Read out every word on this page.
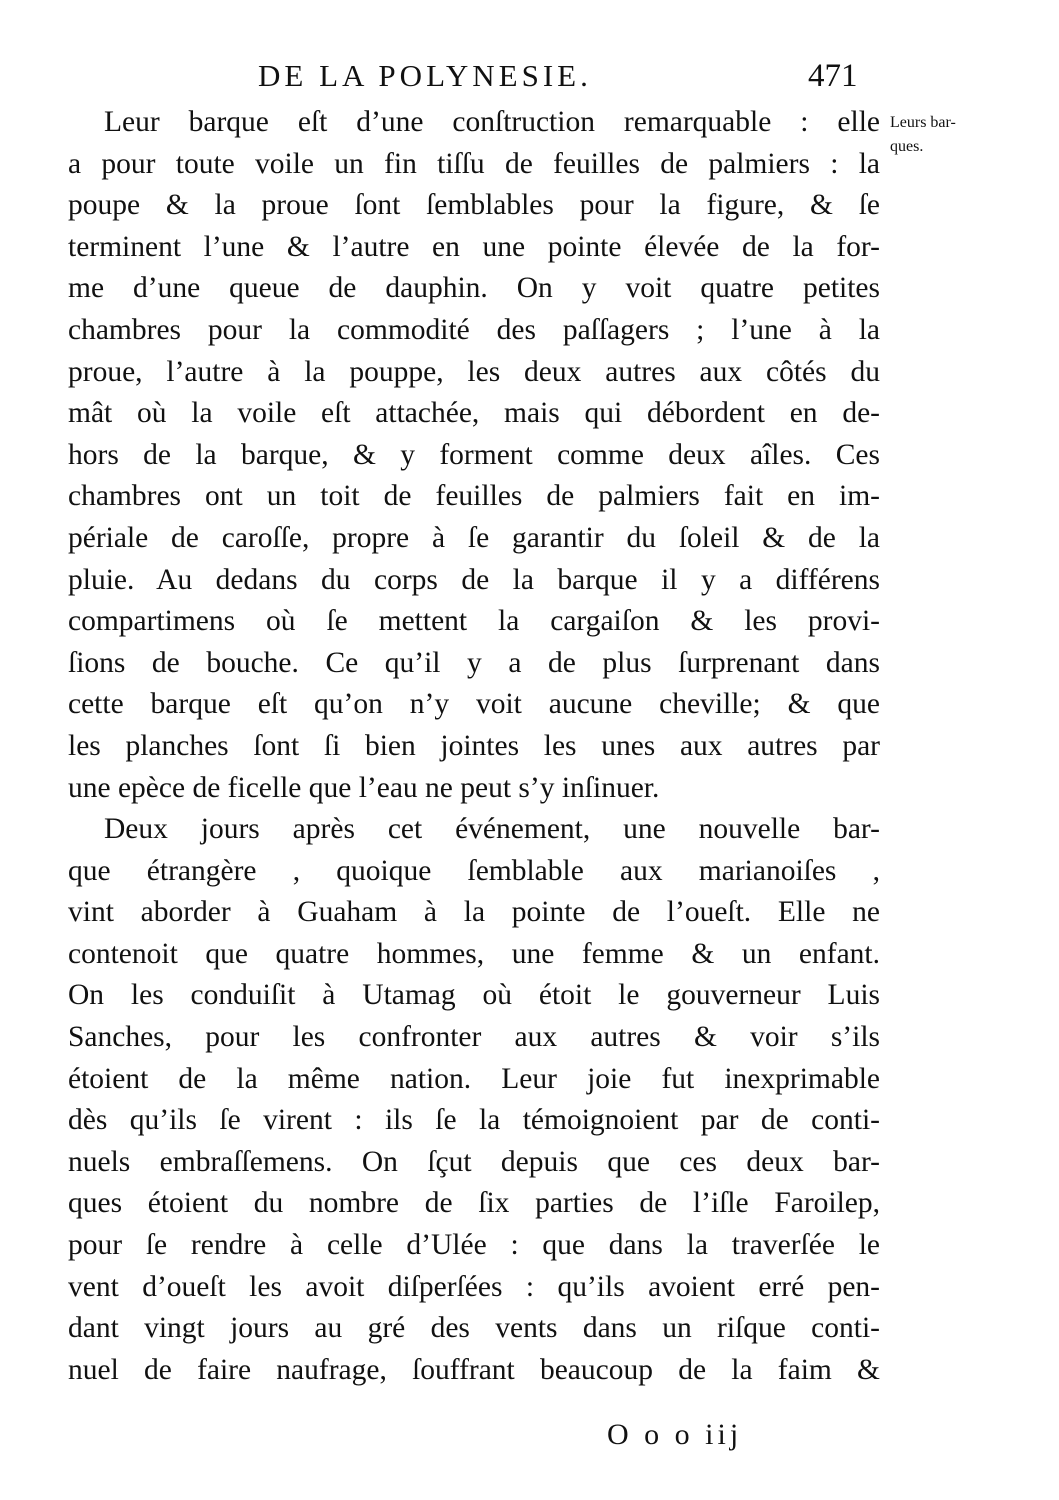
DE LA POLYNESIE.	471
Leurs bar-
ques.
Leur barque eſt d’une conſtruction remarquable : elle
a pour toute voile un fin tiſſu de feuilles de palmiers : la
poupe & la proue ſont ſemblables pour la figure, & ſe
terminent l’une & l’autre en une pointe élevée de la for-
me d’une queue de dauphin. On y voit quatre petites
chambres pour la commodité des paſſagers ; l’une à la
proue, l’autre à la pouppe, les deux autres aux côtés du
mât où la voile eſt attachée, mais qui débordent en de-
hors de la barque, & y forment comme deux aîles. Ces
chambres ont un toit de feuilles de palmiers fait en im-
périale de caroſſe, propre à ſe garantir du ſoleil & de la
pluie. Au dedans du corps de la barque il y a différens
compartimens où ſe mettent la cargaiſon & les provi-
ſions de bouche. Ce qu’il y a de plus ſurprenant dans
cette barque eſt qu’on n’y voit aucune cheville; & que
les planches ſont ſi bien jointes les unes aux autres par
une epèce de ficelle que l’eau ne peut s’y inſinuer.
Deux jours après cet événement, une nouvelle bar-
que étrangère , quoique ſemblable aux marianoiſes ,
vint aborder à Guaham à la pointe de l’oueſt. Elle ne
contenoit que quatre hommes, une femme & un enfant.
On les conduiſit à Utamag où étoit le gouverneur Luis
Sanches, pour les confronter aux autres & voir s’ils
étoient de la même nation. Leur joie fut inexprimable
dès qu’ils ſe virent : ils ſe la témoignoient par de conti-
nuels embraſſemens. On ſçut depuis que ces deux bar-
ques étoient du nombre de ſix parties de l’iſle Faroilep,
pour ſe rendre à celle d’Ulée : que dans la traverſée le
vent d’oueſt les avoit diſperſées : qu’ils avoient erré pen-
dant vingt jours au gré des vents dans un riſque conti-
nuel de faire naufrage, ſouffrant beaucoup de la faim &
O o o iij
